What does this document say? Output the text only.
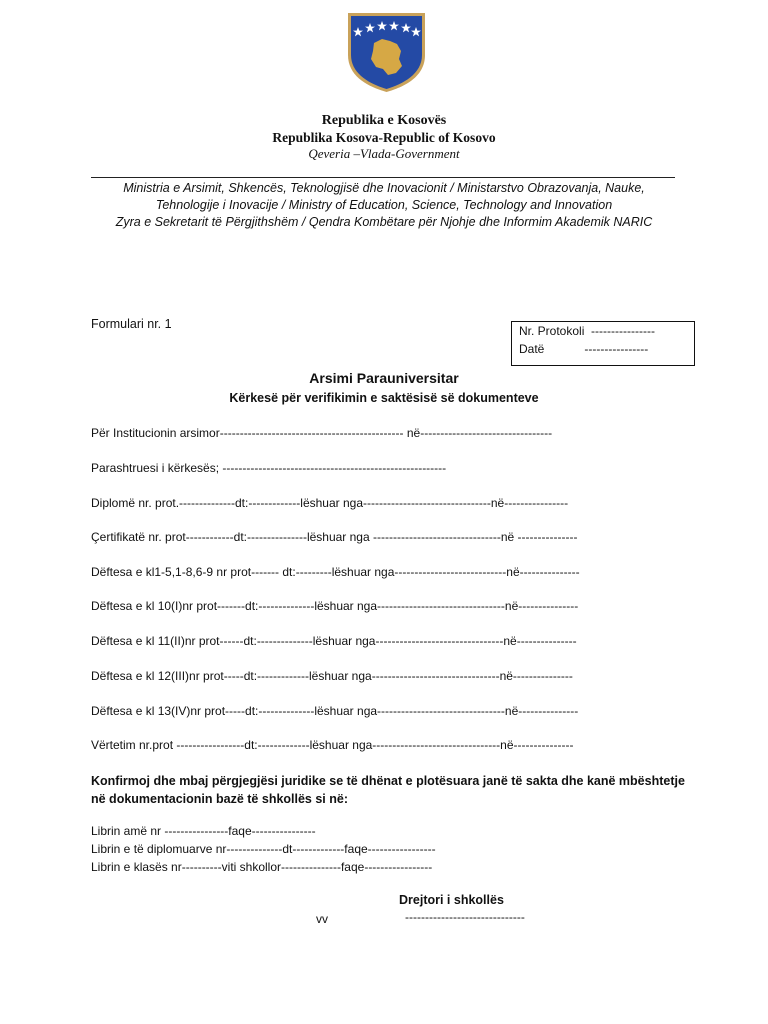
Republika e Kosovës
Republika Kosova-Republic of Kosovo
Qeveria –Vlada-Government
Ministria e Arsimit, Shkencës, Teknologjisë dhe Inovacionit / Ministarstvo Obrazovanja, Nauke,
Tehnologije i Inovacije / Ministry of Education, Science, Technology and Innovation
Zyra e Sekretarit të Përgjithshëm / Qendra Kombëtare për Njohje dhe Informim Akademik NARIC
Formulari nr. 1	Nr. Protokoli  ----------------
Datë            ----------------
Arsimi Parauniversitar
Kërkesë për verifikimin e saktësisë së dokumenteve
Për Institucionin arsimor---------------------------------------------- në---------------------------------
Parashtruesi i kërkesës; --------------------------------------------------------
Diplomë nr. prot.--------------dt:-------------lëshuar nga--------------------------------në----------------
Çertifikatë nr. prot------------dt:---------------lëshuar nga --------------------------------në ---------------
Dëftesa e kl1-5,1-8,6-9 nr prot------- dt:---------lëshuar nga----------------------------në---------------
Dëftesa e kl 10(I)nr prot-------dt:--------------lëshuar nga--------------------------------në---------------
Dëftesa e kl 11(II)nr prot------dt:--------------lëshuar nga--------------------------------në---------------
Dëftesa e kl 12(III)nr prot-----dt:-------------lëshuar nga--------------------------------në---------------
Dëftesa e kl 13(IV)nr prot-----dt:--------------lëshuar nga--------------------------------në---------------
Vërtetim nr.prot -----------------dt:-------------lëshuar nga--------------------------------në---------------
Konfirmoj dhe mbaj përgjegjësi juridike se të dhënat e plotësuara janë të sakta dhe kanë mbështetje në dokumentacionin bazë të shkollës si në:
Librin amë nr ----------------faqe----------------
Librin e të diplomuarve nr--------------dt-------------faqe-----------------
Librin e klasës nr----------viti shkollor---------------faqe-----------------
Drejtori i shkollës
vv	------------------------------
